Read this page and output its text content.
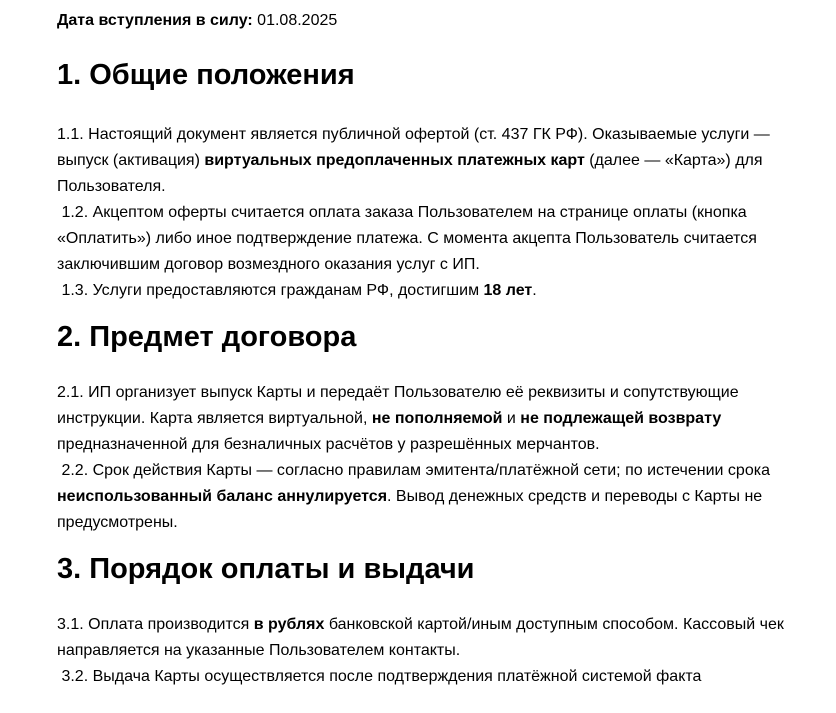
Дата вступления в силу: 01.08.2025

1. Общие положения

1.1. Настоящий документ является публичной офертой (ст. 437 ГК РФ). Оказываемые услуги — выпуск (активация) виртуальных предоплаченных платежных карт (далее — «Карта») для Пользователя.

1.2. Акцептом оферты считается оплата заказа Пользователем на странице оплаты (кнопка «Оплатить») либо иное подтверждение платежа. С момента акцепта Пользователь считается заключившим договор возмездного оказания услуг с ИП.

1.3. Услуги предоставляются гражданам РФ, достигшим 18 лет.

2. Предмет договора

2.1. ИП организует выпуск Карты и передаёт Пользователю её реквизиты и сопутствующие инструкции. Карта является виртуальной, не пополняемой и не подлежащей возврату предназначенной для безналичных расчётов у разрешённых мерчантов.

2.2. Срок действия Карты — согласно правилам эмитента/платёжной сети; по истечении срока неиспользованный баланс аннулируется. Вывод денежных средств и переводы с Карты не предусмотрены.

3. Порядок оплаты и выдачи

3.1. Оплата производится в рублях банковской картой/иным доступным способом. Кассовый чек направляется на указанные Пользователем контакты.

3.2. Выдача Карты осуществляется после подтверждения платёжной системой факта
